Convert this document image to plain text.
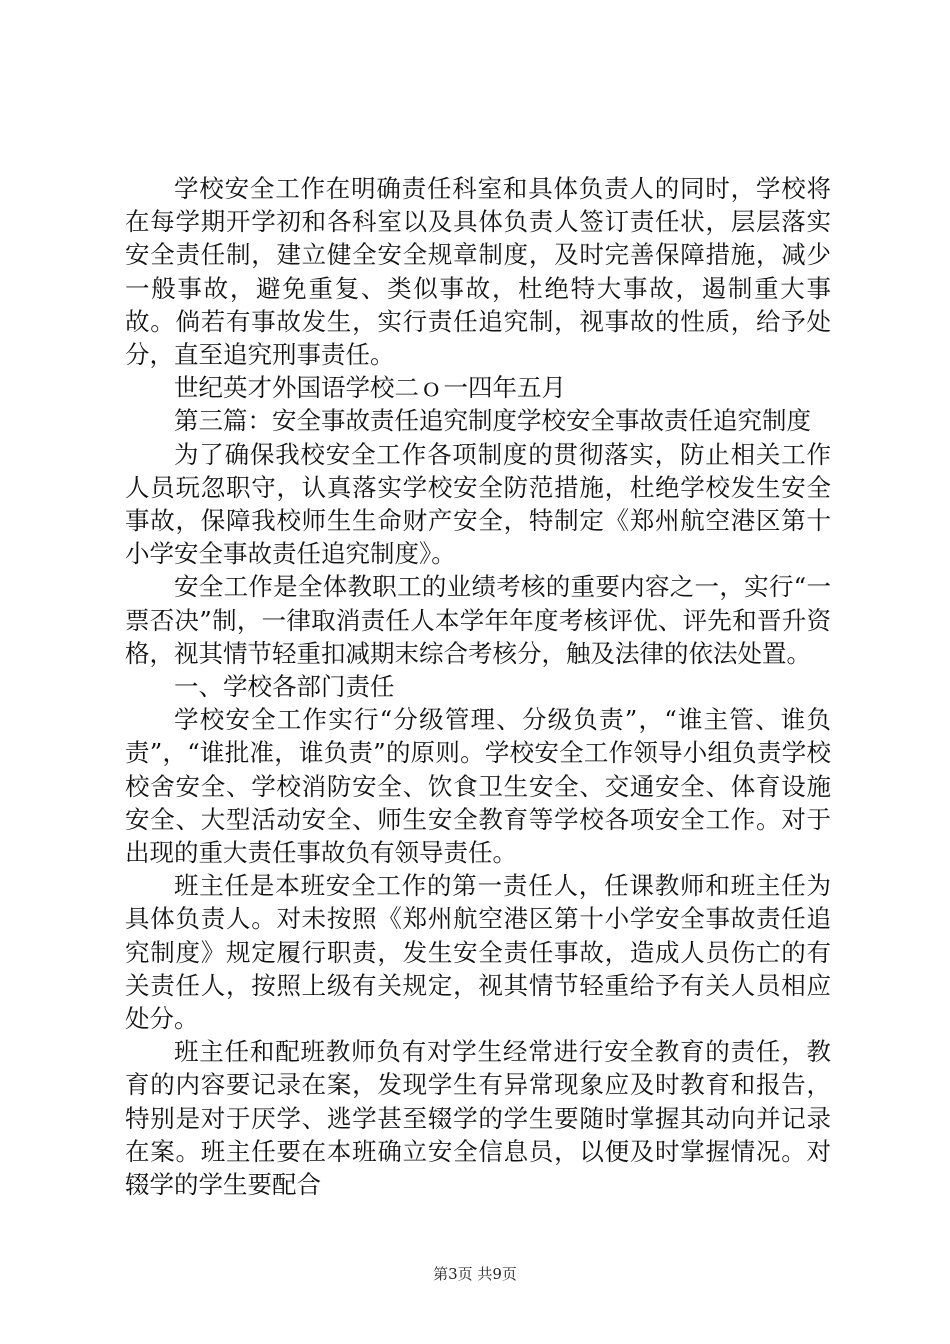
学校安全工作在明确责任科室和具体负责人的同时，学校将在每学期开学初和各科室以及具体负责人签订责任状，层层落实安全责任制，建立健全安全规章制度，及时完善保障措施，减少一般事故，避免重复、类似事故，杜绝特大事故，遏制重大事故。倘若有事故发生，实行责任追究制，视事故的性质，给予处分，直至追究刑事责任。

世纪英才外国语学校二ｏ一四年五月

第三篇：安全事故责任追究制度学校安全事故责任追究制度

为了确保我校安全工作各项制度的贯彻落实，防止相关工作人员玩忽职守，认真落实学校安全防范措施，杜绝学校发生安全事故，保障我校师生生命财产安全，特制定《郑州航空港区第十小学安全事故责任追究制度》。

安全工作是全体教职工的业绩考核的重要内容之一，实行“一票否决”制，一律取消责任人本学年年度考核评优、评先和晋升资格，视其情节轻重扣减期末综合考核分，触及法律的依法处置。

一、学校各部门责任

学校安全工作实行“分级管理、分级负责”，“谁主管、谁负责”，“谁批准，谁负责”的原则。学校安全工作领导小组负责学校校舍安全、学校消防安全、饮食卫生安全、交通安全、体育设施安全、大型活动安全、师生安全教育等学校各项安全工作。对于出现的重大责任事故负有领导责任。

班主任是本班安全工作的第一责任人，任课教师和班主任为具体负责人。对未按照《郑州航空港区第十小学安全事故责任追究制度》规定履行职责，发生安全责任事故，造成人员伤亡的有关责任人，按照上级有关规定，视其情节轻重给予有关人员相应处分。

班主任和配班教师负有对学生经常进行安全教育的责任，教育的内容要记录在案，发现学生有异常现象应及时教育和报告，特别是对于厌学、逃学甚至辍学的学生要随时掌握其动向并记录在案。班主任要在本班确立安全信息员，以便及时掌握情况。对辍学的学生要配合

第3页 共9页
